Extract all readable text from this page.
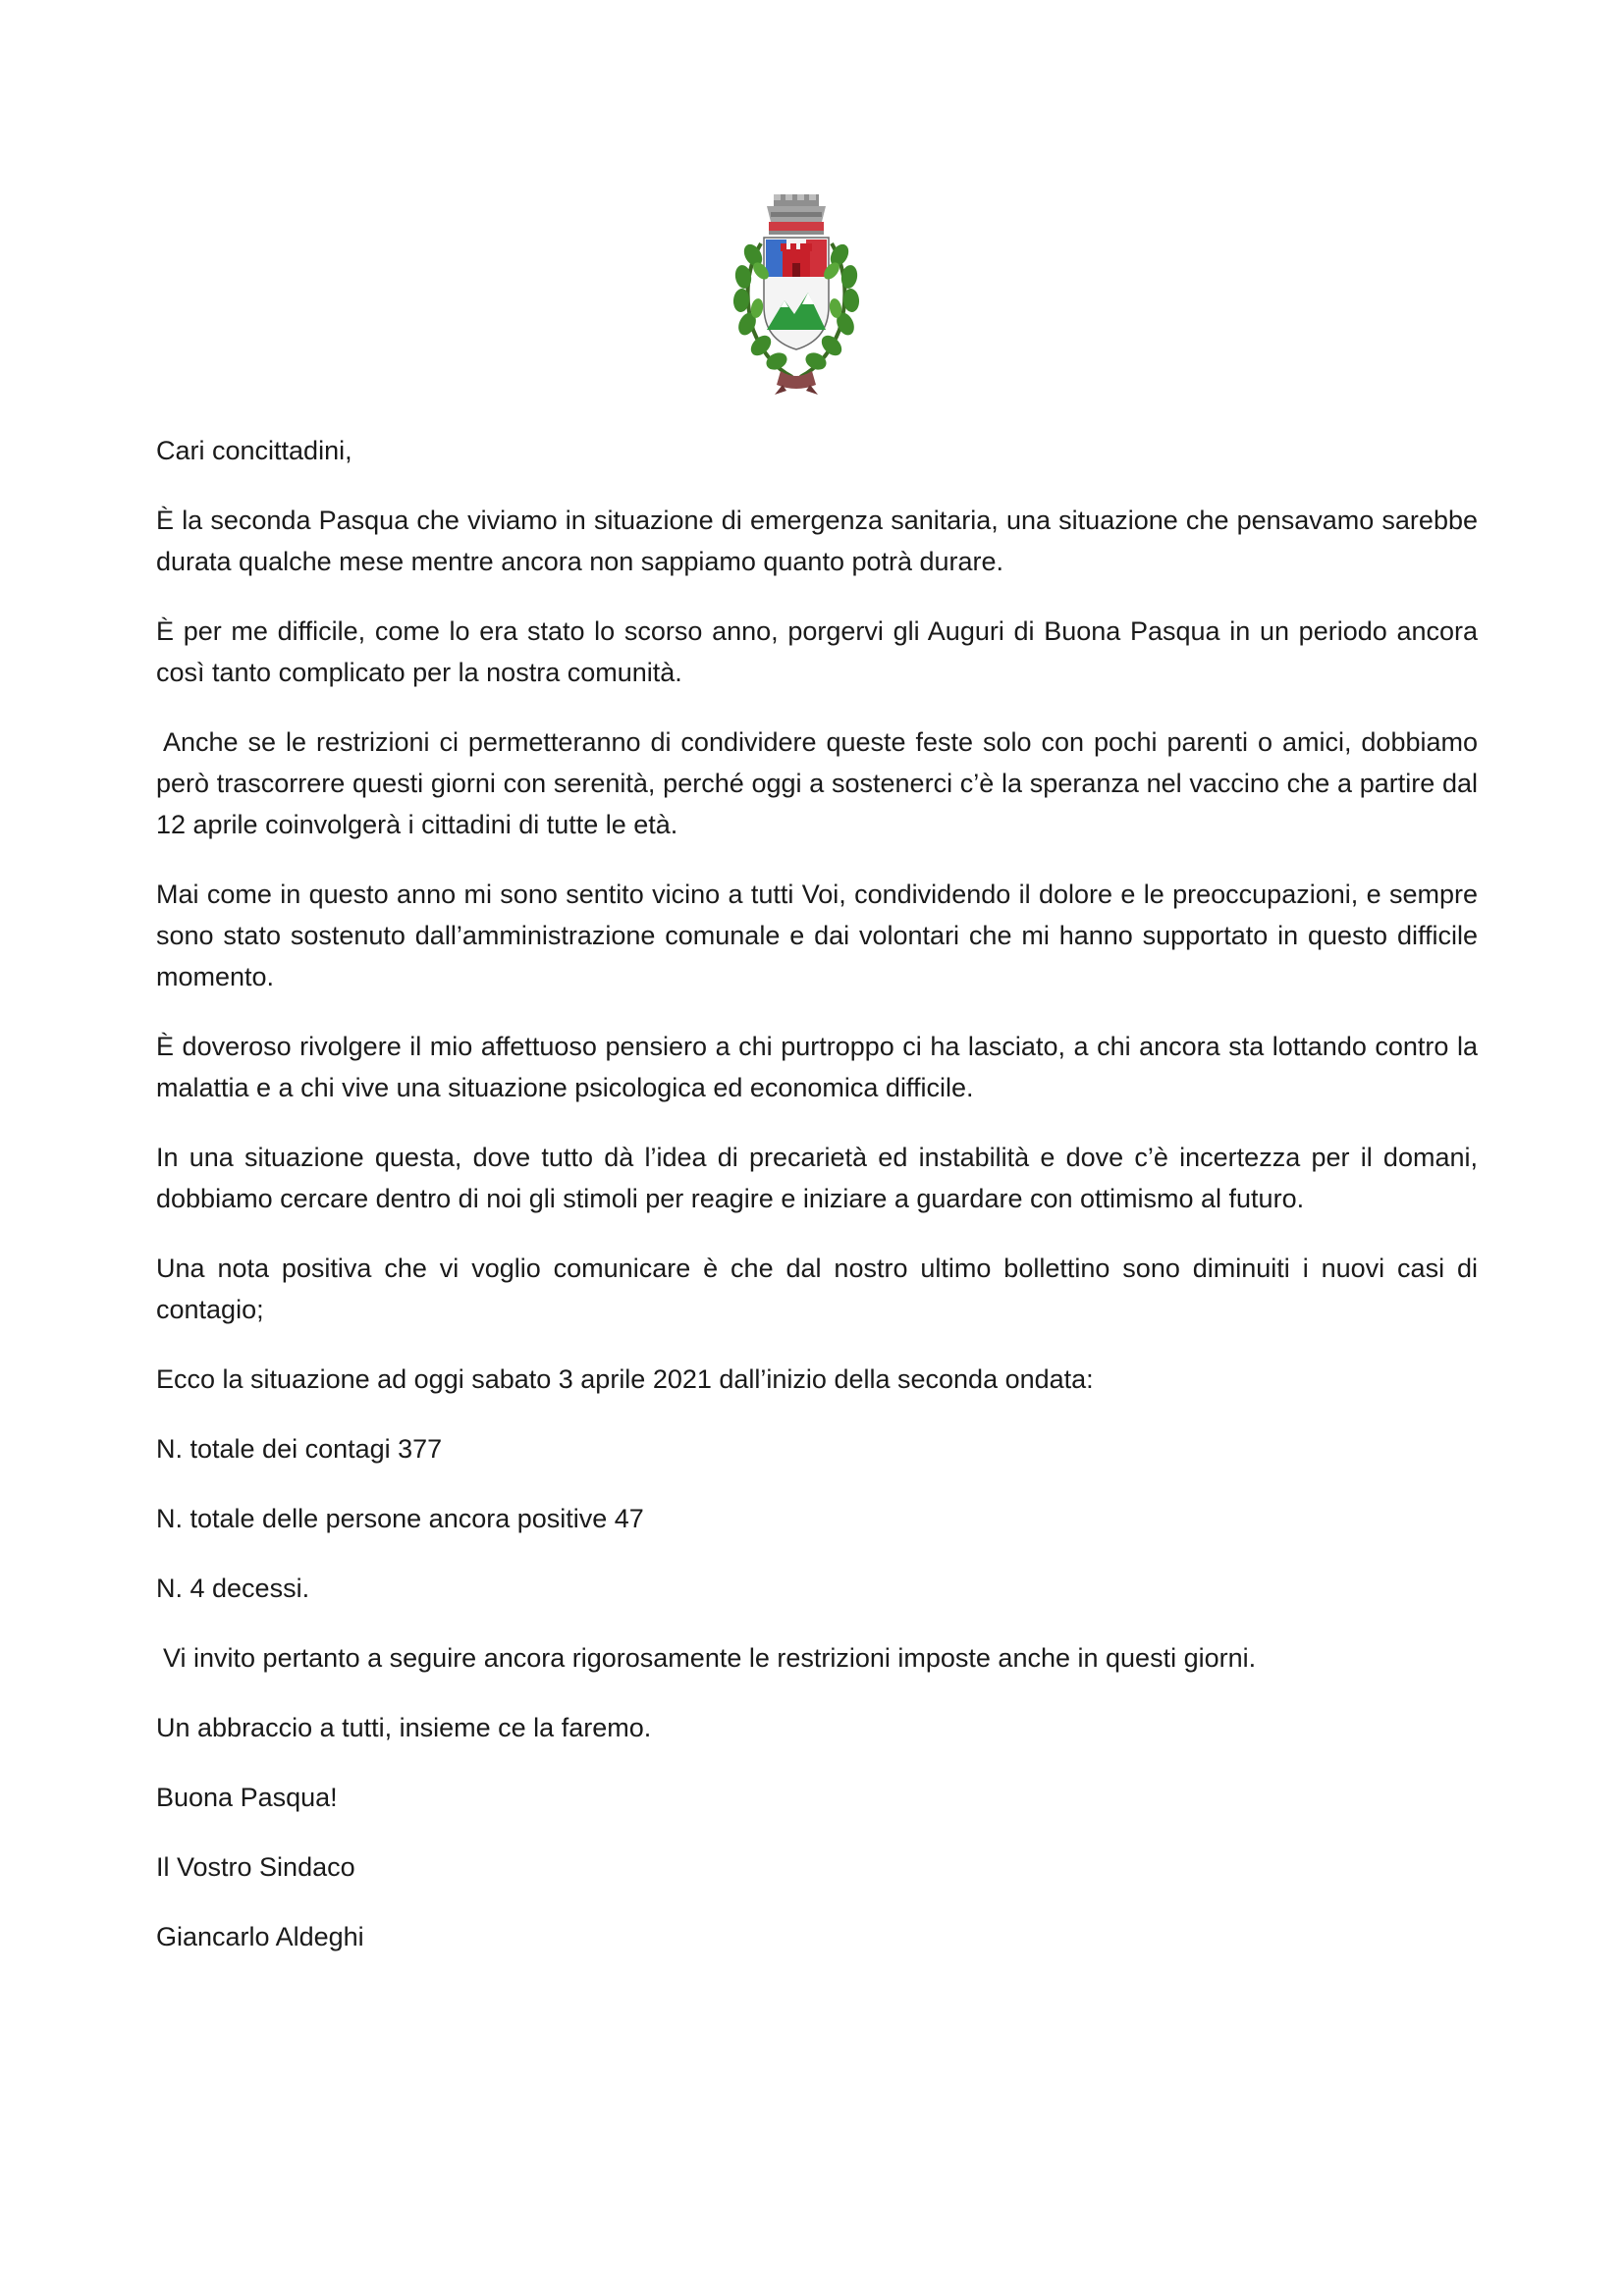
Cari concittadini,

È la seconda Pasqua che viviamo in situazione di emergenza sanitaria, una situazione che pensavamo sarebbe durata qualche mese mentre ancora non sappiamo quanto potrà durare.

È per me difficile, come lo era stato lo scorso anno, porgervi gli Auguri di Buona Pasqua in un periodo ancora così tanto complicato per la nostra comunità.

Anche se le restrizioni ci permetteranno di condividere queste feste solo con pochi parenti o amici, dobbiamo però trascorrere questi giorni con serenità, perché oggi a sostenerci c’è la speranza nel vaccino che a partire dal 12 aprile coinvolgerà i cittadini di tutte le età.

Mai come in questo anno mi sono sentito vicino a tutti Voi, condividendo il dolore e le preoccupazioni, e sempre sono stato sostenuto dall’amministrazione comunale e dai volontari che mi hanno supportato in questo difficile momento.

È doveroso rivolgere il mio affettuoso pensiero a chi purtroppo ci ha lasciato, a chi ancora sta lottando contro la malattia e a chi vive una situazione psicologica ed economica difficile.

In una situazione questa, dove tutto dà l’idea di precarietà ed instabilità e dove c’è incertezza per il domani, dobbiamo cercare dentro di noi gli stimoli per reagire e iniziare a guardare con ottimismo al futuro.

Una nota positiva che vi voglio comunicare è che dal nostro ultimo bollettino sono diminuiti i nuovi casi di contagio;

Ecco la situazione ad oggi sabato 3 aprile 2021 dall’inizio della seconda ondata:

N. totale dei contagi 377

N. totale delle persone ancora positive 47

N. 4 decessi.

Vi invito pertanto a seguire ancora rigorosamente le restrizioni imposte anche in questi giorni.

Un abbraccio a tutti, insieme ce la faremo.

Buona Pasqua!

Il Vostro Sindaco

Giancarlo Aldeghi
